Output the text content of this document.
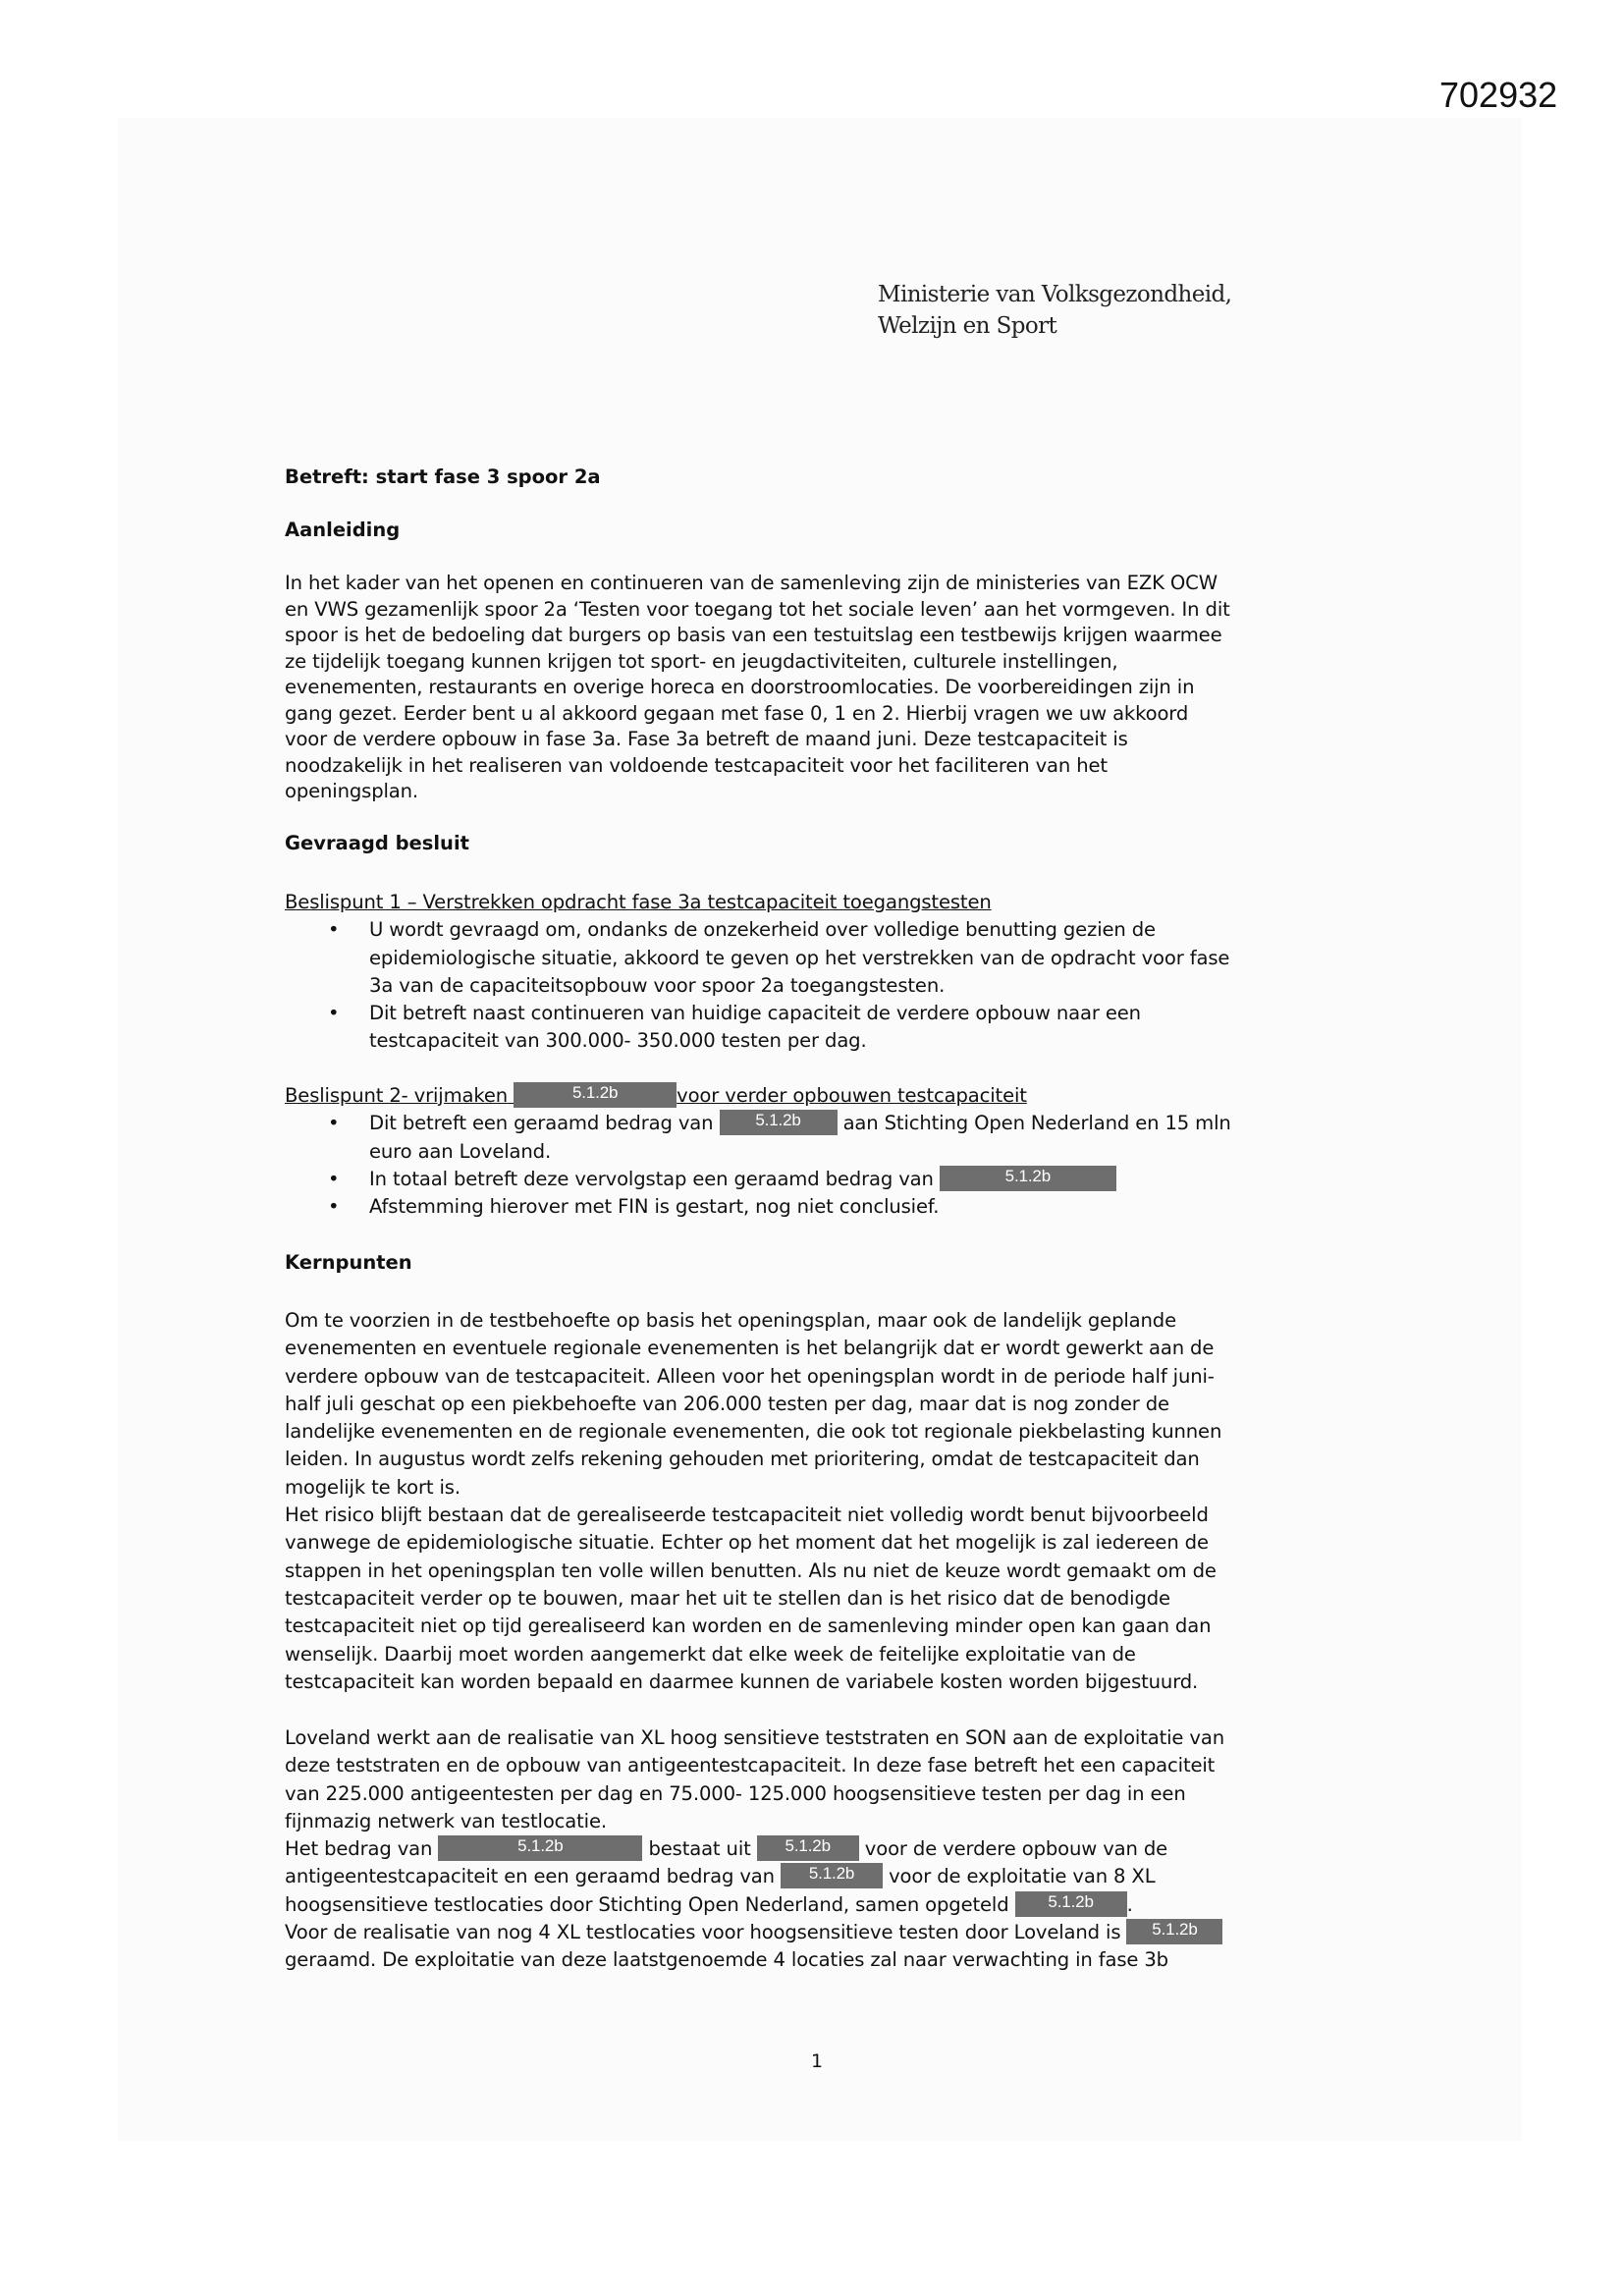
702932
Ministerie van Volksgezondheid,
Welzijn en Sport
Betreft: start fase 3 spoor 2a
Aanleiding
In het kader van het openen en continueren van de samenleving zijn de ministeries van EZK OCW
en VWS gezamenlijk spoor 2a ‘Testen voor toegang tot het sociale leven’ aan het vormgeven. In dit
spoor is het de bedoeling dat burgers op basis van een testuitslag een testbewijs krijgen waarmee
ze tijdelijk toegang kunnen krijgen tot sport- en jeugdactiviteiten, culturele instellingen,
evenementen, restaurants en overige horeca en doorstroomlocaties. De voorbereidingen zijn in
gang gezet. Eerder bent u al akkoord gegaan met fase 0, 1 en 2. Hierbij vragen we uw akkoord
voor de verdere opbouw in fase 3a. Fase 3a betreft de maand juni. Deze testcapaciteit is
noodzakelijk in het realiseren van voldoende testcapaciteit voor het faciliteren van het
openingsplan.
Gevraagd besluit
Beslispunt 1 – Verstrekken opdracht fase 3a testcapaciteit toegangstesten
• U wordt gevraagd om, ondanks de onzekerheid over volledige benutting gezien de
epidemiologische situatie, akkoord te geven op het verstrekken van de opdracht voor fase
3a van de capaciteitsopbouw voor spoor 2a toegangstesten.
• Dit betreft naast continueren van huidige capaciteit de verdere opbouw naar een
testcapaciteit van 300.000- 350.000 testen per dag.
Beslispunt 2- vrijmaken	5.1.2b	voor verder opbouwen testcapaciteit
• Dit betreft een geraamd bedrag van 5.1.2b aan Stichting Open Nederland en 15 mln
euro aan Loveland.
• In totaal betreft deze vervolgstap een geraamd bedrag van	5.1.2b
• Afstemming hierover met FIN is gestart, nog niet conclusief.
Kernpunten
Om te voorzien in de testbehoefte op basis het openingsplan, maar ook de landelijk geplande
evenementen en eventuele regionale evenementen is het belangrijk dat er wordt gewerkt aan de
verdere opbouw van de testcapaciteit. Alleen voor het openingsplan wordt in de periode half juni-
half juli geschat op een piekbehoefte van 206.000 testen per dag, maar dat is nog zonder de
landelijke evenementen en de regionale evenementen, die ook tot regionale piekbelasting kunnen
leiden. In augustus wordt zelfs rekening gehouden met prioritering, omdat de testcapaciteit dan
mogelijk te kort is.
Het risico blijft bestaan dat de gerealiseerde testcapaciteit niet volledig wordt benut bijvoorbeeld
vanwege de epidemiologische situatie. Echter op het moment dat het mogelijk is zal iedereen de
stappen in het openingsplan ten volle willen benutten. Als nu niet de keuze wordt gemaakt om de
testcapaciteit verder op te bouwen, maar het uit te stellen dan is het risico dat de benodigde
testcapaciteit niet op tijd gerealiseerd kan worden en de samenleving minder open kan gaan dan
wenselijk. Daarbij moet worden aangemerkt dat elke week de feitelijke exploitatie van de
testcapaciteit kan worden bepaald en daarmee kunnen de variabele kosten worden bijgestuurd.
Loveland werkt aan de realisatie van XL hoog sensitieve teststraten en SON aan de exploitatie van
deze teststraten en de opbouw van antigeentestcapaciteit. In deze fase betreft het een capaciteit
van 225.000 antigeentesten per dag en 75.000- 125.000 hoogsensitieve testen per dag in een
fijnmazig netwerk van testlocatie.
Het bedrag van	5.1.2b	bestaat uit 5.1.2b voor de verdere opbouw van de
antigeentestcapaciteit en een geraamd bedrag van 5.1.2b voor de exploitatie van 8 XL
hoogsensitieve testlocaties door Stichting Open Nederland, samen opgeteld 5.1.2b .
Voor de realisatie van nog 4 XL testlocaties voor hoogsensitieve testen door Loveland is 5.1.2b
geraamd. De exploitatie van deze laatstgenoemde 4 locaties zal naar verwachting in fase 3b
1
